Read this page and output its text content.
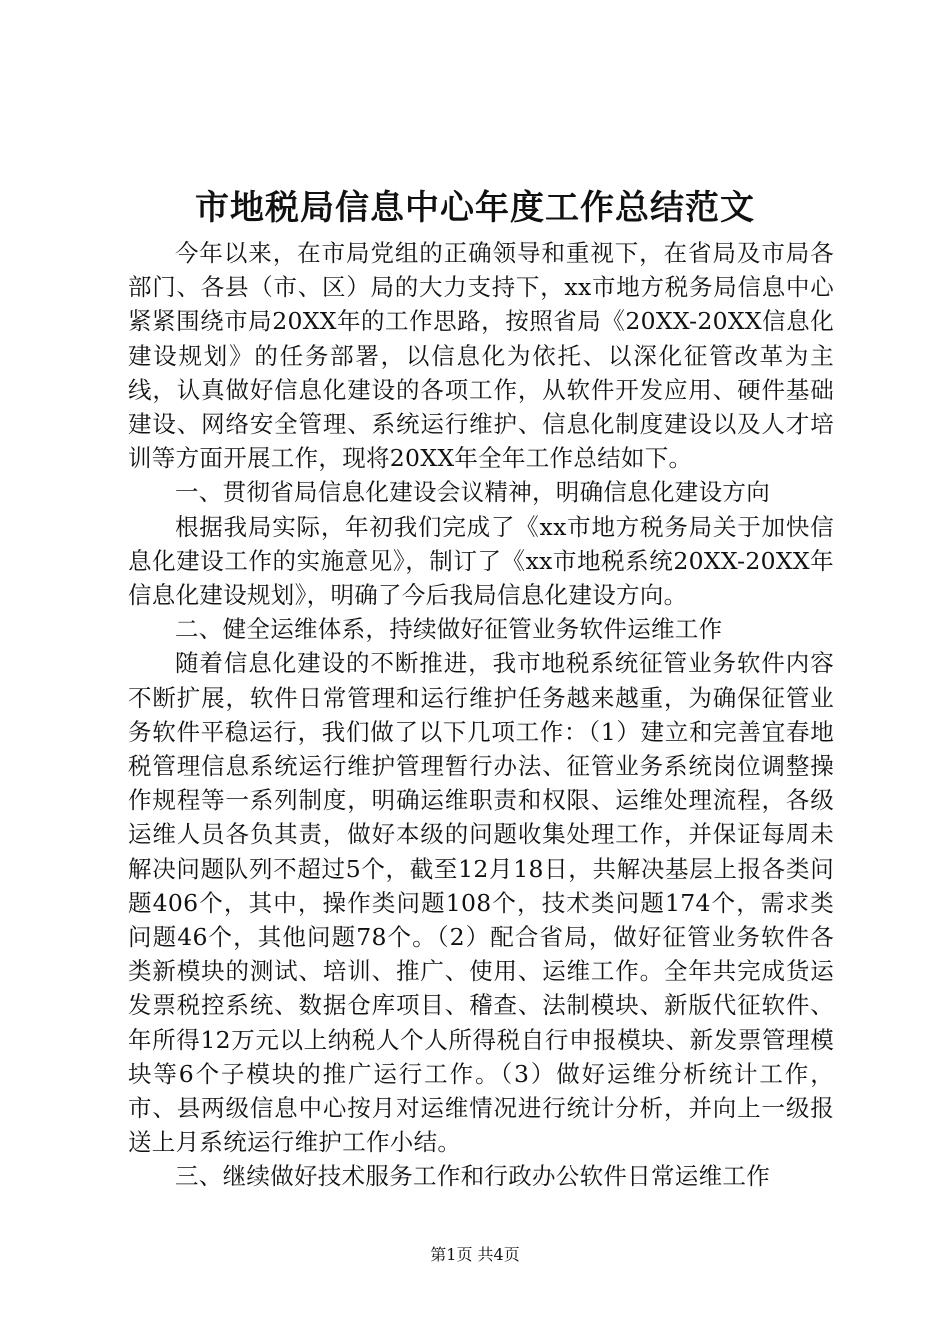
市地税局信息中心年度工作总结范文

今年以来，在市局党组的正确领导和重视下，在省局及市局各部门、各县（市、区）局的大力支持下，xx市地方税务局信息中心紧紧围绕市局20XX年的工作思路，按照省局《20XX-20XX信息化建设规划》的任务部署，以信息化为依托、以深化征管改革为主线，认真做好信息化建设的各项工作，从软件开发应用、硬件基础建设、网络安全管理、系统运行维护、信息化制度建设以及人才培训等方面开展工作，现将20XX年全年工作总结如下。

一、贯彻省局信息化建设会议精神，明确信息化建设方向

根据我局实际，年初我们完成了《xx市地方税务局关于加快信息化建设工作的实施意见》，制订了《xx市地税系统20XX-20XX年信息化建设规划》，明确了今后我局信息化建设方向。

二、健全运维体系，持续做好征管业务软件运维工作

随着信息化建设的不断推进，我市地税系统征管业务软件内容不断扩展，软件日常管理和运行维护任务越来越重，为确保征管业务软件平稳运行，我们做了以下几项工作：（1）建立和完善宜春地税管理信息系统运行维护管理暂行办法、征管业务系统岗位调整操作规程等一系列制度，明确运维职责和权限、运维处理流程，各级运维人员各负其责，做好本级的问题收集处理工作，并保证每周未解决问题队列不超过5个，截至12月18日，共解决基层上报各类问题406个，其中，操作类问题108个，技术类问题174个，需求类问题46个，其他问题78个。（2）配合省局，做好征管业务软件各类新模块的测试、培训、推广、使用、运维工作。全年共完成货运发票税控系统、数据仓库项目、稽查、法制模块、新版代征软件、年所得12万元以上纳税人个人所得税自行申报模块、新发票管理模块等6个子模块的推广运行工作。（3）做好运维分析统计工作，市、县两级信息中心按月对运维情况进行统计分析，并向上一级报送上月系统运行维护工作小结。

三、继续做好技术服务工作和行政办公软件日常运维工作

第1页 共4页
